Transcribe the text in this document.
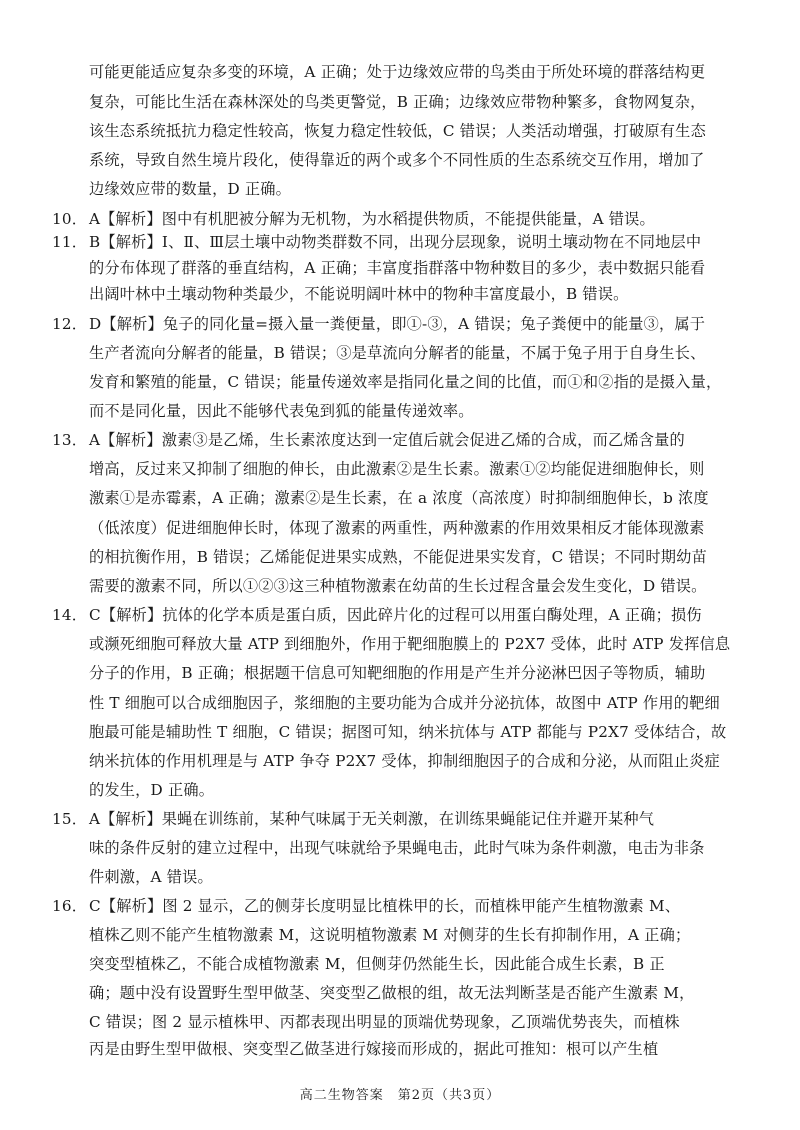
可能更能适应复杂多变的环境，A 正确；处于边缘效应带的鸟类由于所处环境的群落结构更
复杂，可能比生活在森林深处的鸟类更警觉，B 正确；边缘效应带物种繁多，食物网复杂，
该生态系统抵抗力稳定性较高，恢复力稳定性较低，C 错误；人类活动增强，打破原有生态
系统，导致自然生境片段化，使得靠近的两个或多个不同性质的生态系统交互作用，增加了
边缘效应带的数量，D 正确。
10． A【解析】图中有机肥被分解为无机物，为水稻提供物质，不能提供能量，A 错误。
11． B【解析】Ⅰ、Ⅱ、Ⅲ层土壤中动物类群数不同，出现分层现象，说明土壤动物在不同地层中
的分布体现了群落的垂直结构，A 正确；丰富度指群落中物种数目的多少，表中数据只能看
出阔叶林中土壤动物种类最少，不能说明阔叶林中的物种丰富度最小，B 错误。
12． D【解析】兔子的同化量=摄入量一粪便量，即①-③，A 错误；兔子粪便中的能量③，属于
生产者流向分解者的能量，B 错误；③是草流向分解者的能量，不属于兔子用于自身生长、
发育和繁殖的能量，C 错误；能量传递效率是指同化量之间的比值，而①和②指的是摄入量，
而不是同化量，因此不能够代表兔到狐的能量传递效率。
13． A【解析】激素③是乙烯，生长素浓度达到一定值后就会促进乙烯的合成，而乙烯含量的
增高，反过来又抑制了细胞的伸长，由此激素②是生长素。激素①②均能促进细胞伸长，则
激素①是赤霉素，A 正确；激素②是生长素，在 a 浓度（高浓度）时抑制细胞伸长，b 浓度
（低浓度）促进细胞伸长时，体现了激素的两重性，两种激素的作用效果相反才能体现激素
的相抗衡作用，B 错误；乙烯能促进果实成熟，不能促进果实发育，C 错误；不同时期幼苗
需要的激素不同，所以①②③这三种植物激素在幼苗的生长过程含量会发生变化，D 错误。
14． C【解析】抗体的化学本质是蛋白质，因此碎片化的过程可以用蛋白酶处理，A 正确；损伤
或濒死细胞可释放大量 ATP 到细胞外，作用于靶细胞膜上的 P2X7 受体，此时 ATP 发挥信息
分子的作用，B 正确；根据题干信息可知靶细胞的作用是产生并分泌淋巴因子等物质，辅助
性 T 细胞可以合成细胞因子，浆细胞的主要功能为合成并分泌抗体，故图中 ATP 作用的靶细
胞最可能是辅助性 T 细胞，C 错误；据图可知，纳米抗体与 ATP 都能与 P2X7 受体结合，故
纳米抗体的作用机理是与 ATP 争夺 P2X7 受体，抑制细胞因子的合成和分泌，从而阻止炎症
的发生，D 正确。
15． A【解析】果蝇在训练前，某种气味属于无关刺激，在训练果蝇能记住并避开某种气
味的条件反射的建立过程中，出现气味就给予果蝇电击，此时气味为条件刺激，电击为非条
件刺激，A 错误。
16． C【解析】图 2 显示，乙的侧芽长度明显比植株甲的长，而植株甲能产生植物激素 M、
植株乙则不能产生植物激素 M，这说明植物激素 M 对侧芽的生长有抑制作用，A 正确；
突变型植株乙，不能合成植物激素 M，但侧芽仍然能生长，因此能合成生长素，B 正
确；题中没有设置野生型甲做茎、突变型乙做根的组，故无法判断茎是否能产生激素 M，
C 错误；图 2 显示植株甲、丙都表现出明显的顶端优势现象，乙顶端优势丧失，而植株
丙是由野生型甲做根、突变型乙做茎进行嫁接而形成的，据此可推知：根可以产生植
高二生物答案　第2页（共3页）
